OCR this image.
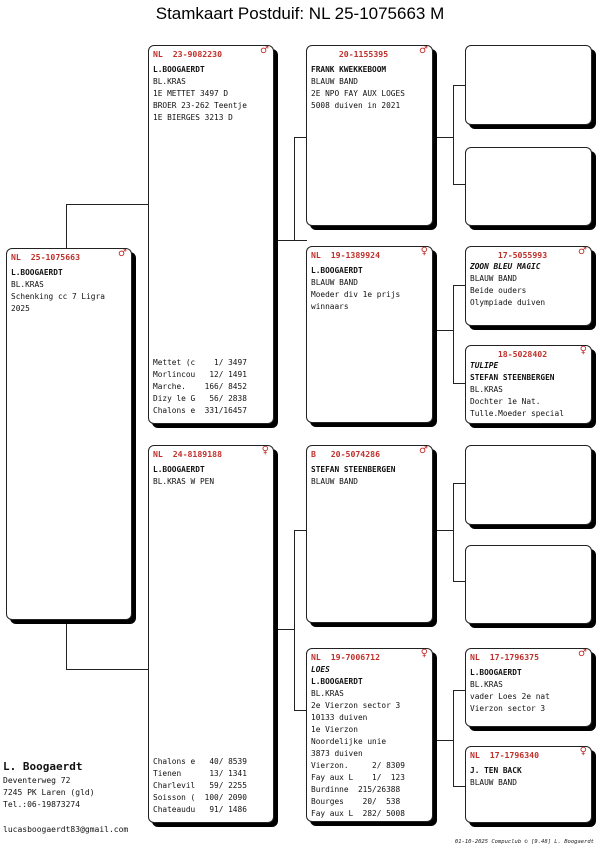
Stamkaart Postduif: NL 25-1075663 M
NL 25-1075663	♂
L.BOOGAERDT
BL.KRAS
Schenking cc 7 Ligra
2025
NL 23-9082230	♂
L.BOOGAERDT
BL.KRAS
1E METTET 3497 D
BROER 23-262 Teentje
1E BIERGES 3213 D
Mettet (c    1/ 3497
Morlincou   12/ 1491
Marche.    166/ 8452
Dizy le G   56/ 2838
Chalons e  331/16457
NL 24-8189188	♀
L.BOOGAERDT
BL.KRAS W PEN
Chalons e   40/ 8539
Tienen      13/ 1341
Charlevil   59/ 2255
Soisson (  100/ 2090
Chateaudu   91/ 1486
20-1155395	♂
FRANK KWEKKEBOOM
BLAUW BAND
2E NPO FAY AUX LOGES
5008 duiven in 2021
NL 19-1389924	♀
L.BOOGAERDT
BLAUW BAND
Moeder div 1e prijs
winnaars
B 20-5074286	♂
STEFAN STEENBERGEN
BLAUW BAND
NL 19-7006712	♀
LOES
L.BOOGAERDT
BL.KRAS
2e Vierzon sector 3
10133 duiven
1e Vierzon
Noordelijke unie
3873 duiven
Vierzon.     2/ 8309
Fay aux L    1/  123
Burdinne  215/26388
Bourges    20/  538
Fay aux L  282/ 5008
17-5055993	♂
ZOON BLEU MAGIC
BLAUW BAND
Beide ouders
Olympiade duiven
18-5028402	♀
TULIPE
STEFAN STEENBERGEN
BL.KRAS
Dochter 1e Nat.
Tulle.Moeder special
NL 17-1796375	♂
L.BOOGAERDT
BL.KRAS
vader Loes 2e nat
Vierzon sector 3
NL 17-1796340	♀
J. TEN BACK
BLAUW BAND
L. Boogaerdt
Deventerweg 72
7245 PK Laren (gld)
Tel.:06-19873274
lucasboogaerdt83@gmail.com
01-10-2025 Compuclub © [9.48] L. Boogaerdt
